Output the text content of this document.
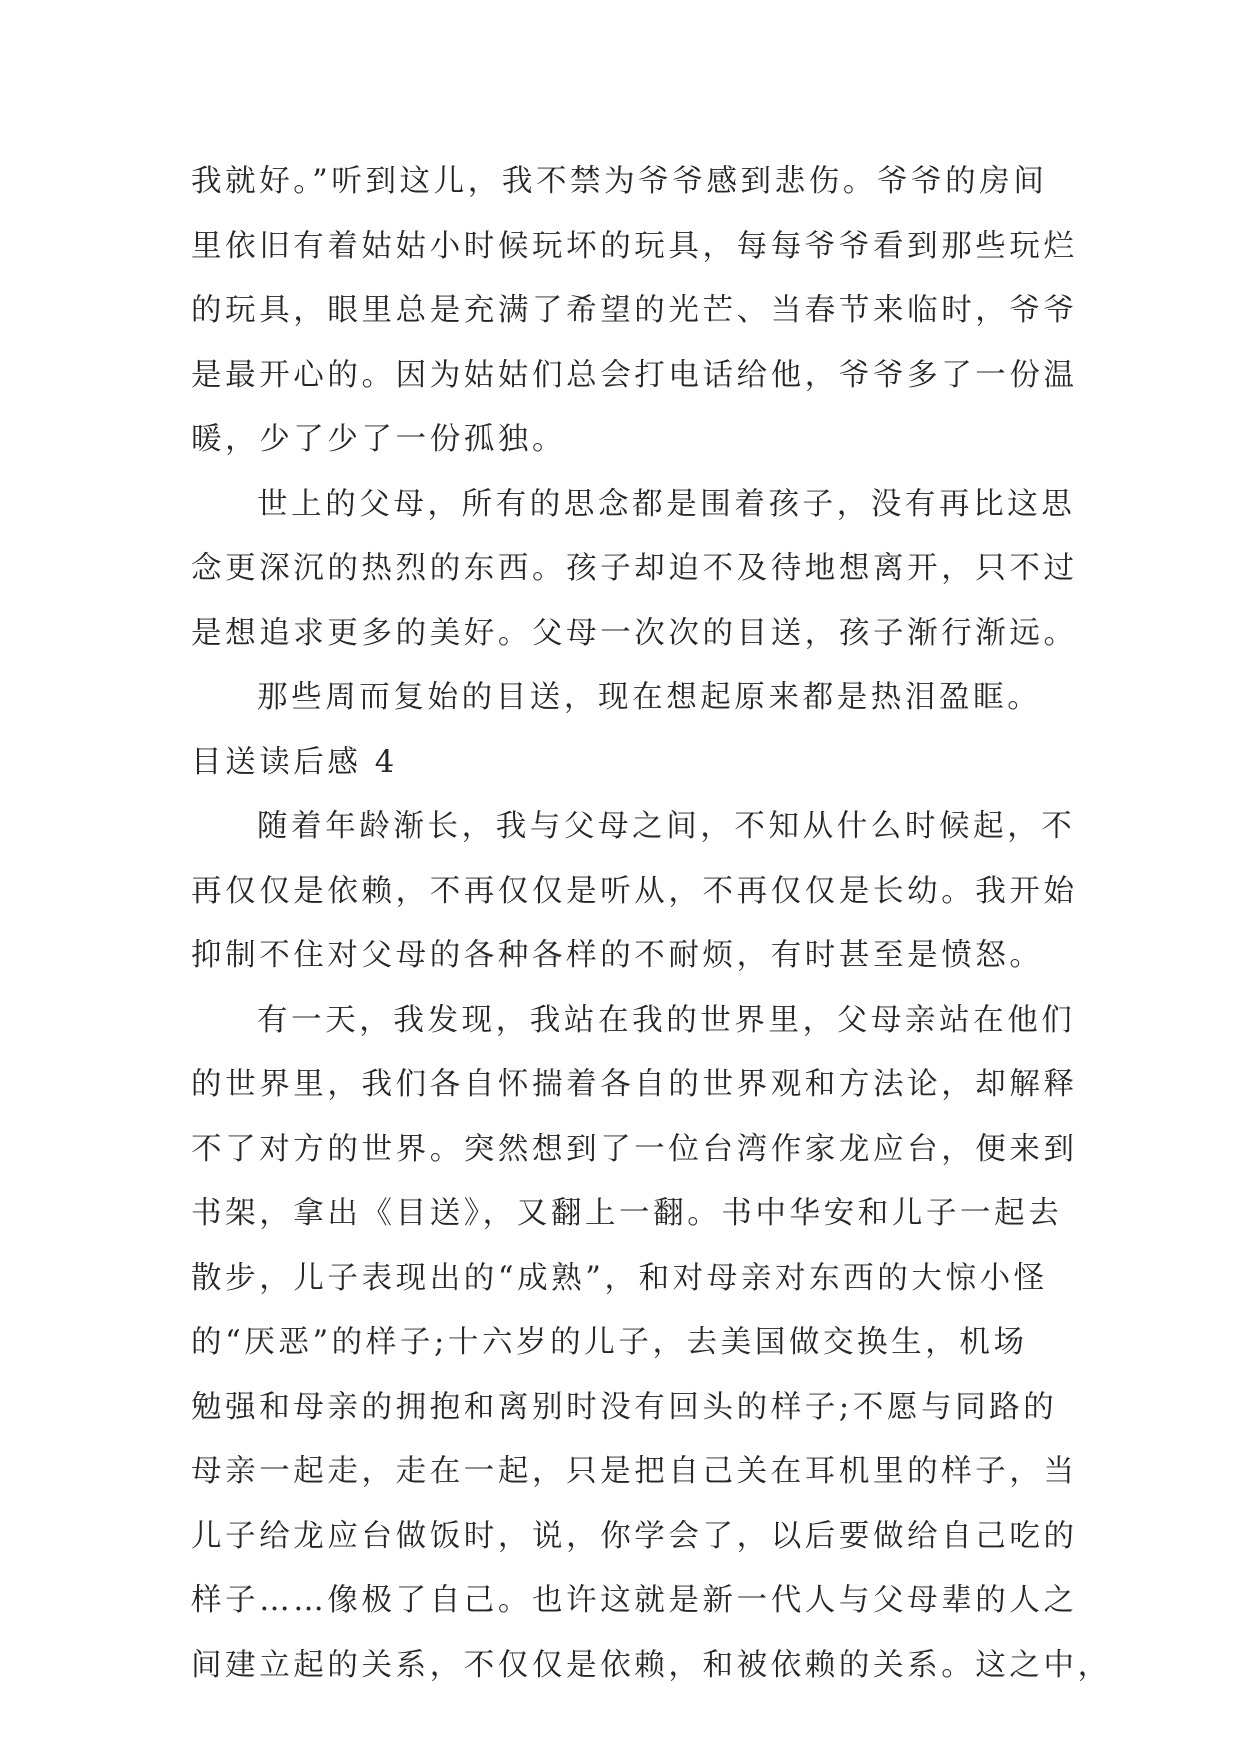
我就好。”听到这儿，我不禁为爷爷感到悲伤。爷爷的房间
里依旧有着姑姑小时候玩坏的玩具，每每爷爷看到那些玩烂
的玩具，眼里总是充满了希望的光芒、当春节来临时，爷爷
是最开心的。因为姑姑们总会打电话给他，爷爷多了一份温
暖，少了少了一份孤独。
世上的父母，所有的思念都是围着孩子，没有再比这思
念更深沉的热烈的东西。孩子却迫不及待地想离开，只不过
是想追求更多的美好。父母一次次的目送，孩子渐行渐远。
那些周而复始的目送，现在想起原来都是热泪盈眶。
目送读后感 4
随着年龄渐长，我与父母之间，不知从什么时候起，不
再仅仅是依赖，不再仅仅是听从，不再仅仅是长幼。我开始
抑制不住对父母的各种各样的不耐烦，有时甚至是愤怒。
有一天，我发现，我站在我的世界里，父母亲站在他们
的世界里，我们各自怀揣着各自的世界观和方法论，却解释
不了对方的世界。突然想到了一位台湾作家龙应台，便来到
书架，拿出《目送》，又翻上一翻。书中华安和儿子一起去
散步，儿子表现出的“成熟”，和对母亲对东西的大惊小怪
的“厌恶”的样子;十六岁的儿子，去美国做交换生，机场
勉强和母亲的拥抱和离别时没有回头的样子;不愿与同路的
母亲一起走，走在一起，只是把自己关在耳机里的样子，当
儿子给龙应台做饭时，说，你学会了，以后要做给自己吃的
样子……像极了自己。也许这就是新一代人与父母辈的人之
间建立起的关系，不仅仅是依赖，和被依赖的关系。这之中，
